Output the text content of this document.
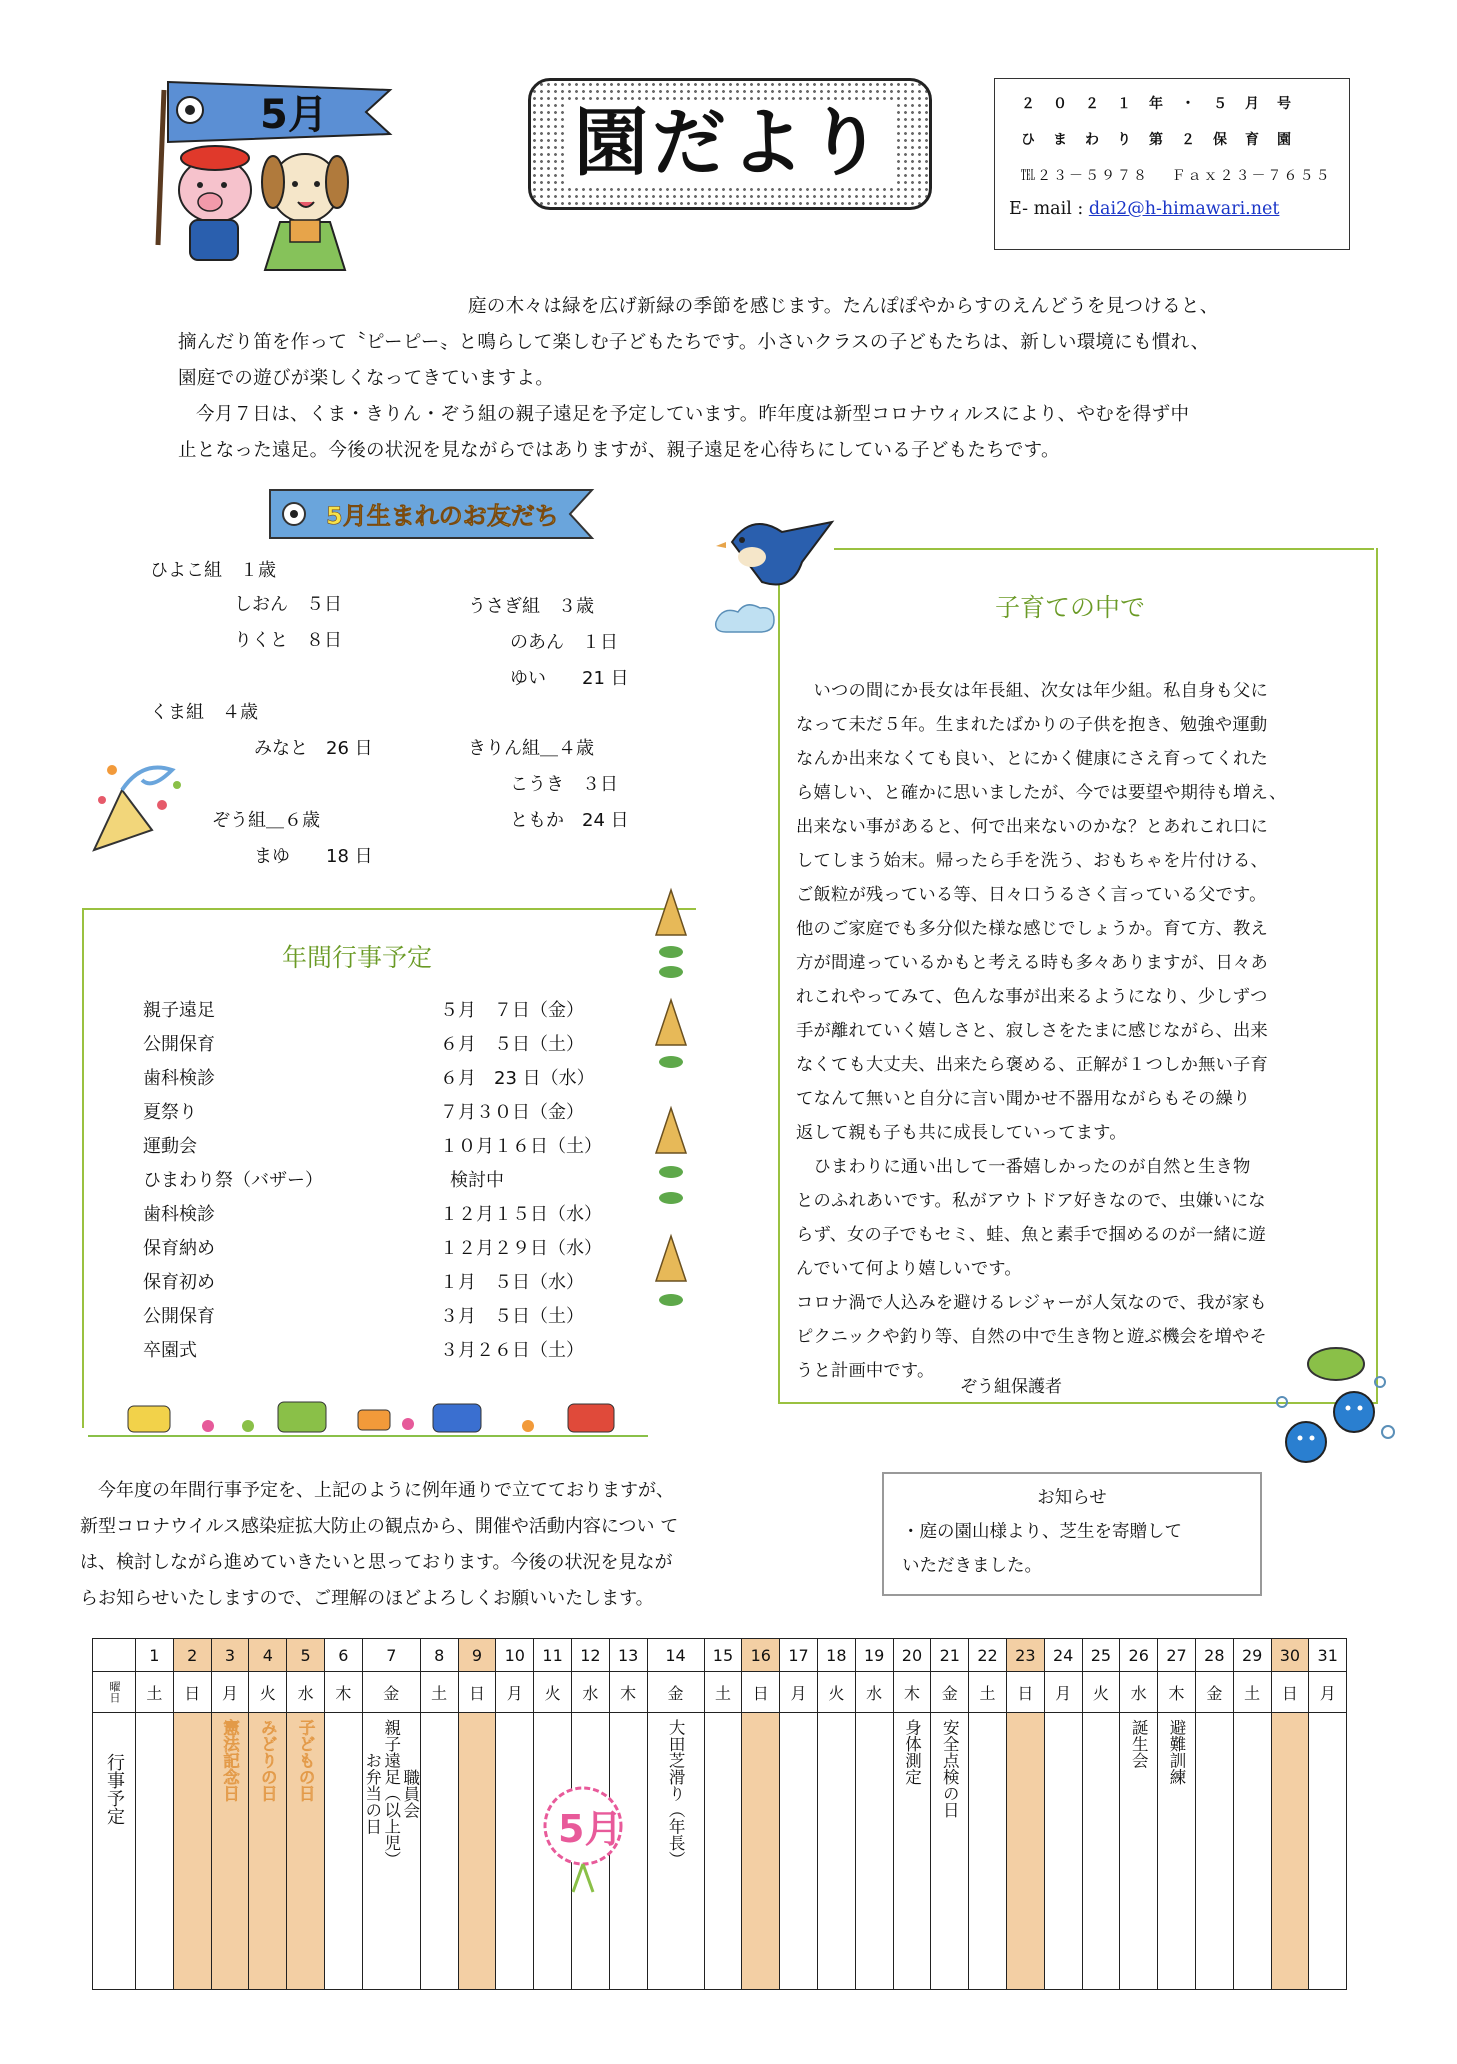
5月	園だより	２　０　２　１　年　・　５　月　号
ひ　ま　わ　り　第　２　保　育　園
℡２３－５９７８　 Ｆａｘ２３－７６５５
E- mail : dai2@h-himawari.net
庭の木々は緑を広げ新緑の季節を感じます。たんぽぽやからすのえんどうを見つけると、
摘んだり笛を作って〝ピーピー〟と鳴らして楽しむ子どもたちです。小さいクラスの子どもたちは、新しい環境にも慣れ、
園庭での遊びが楽しくなってきていますよ。
今月７日は、くま・きりん・ぞう組の親子遠足を予定しています。昨年度は新型コロナウィルスにより、やむを得ず中
止となった遠足。今後の状況を見ながらではありますが、親子遠足を心待ちにしている子どもたちです。
5月生まれのお友だち
ひよこ組　１歳
しおん　５日
りくと　８日
うさぎ組　３歳
のあん　１日
ゆい　　21 日
くま組　４歳
みなと　26 日	きりん組＿４歳
こうき　３日
ともか　24 日
ぞう組＿６歳
まゆ　　18 日
年間行事予定
親子遠足	５月　７日（金）
公開保育	６月　５日（土）
歯科検診	６月　23 日（水）
夏祭り	７月３０日（金）
運動会	１０月１６日（土）
ひまわり祭（バザー）	　検討中
歯科検診	１２月１５日（水）
保育納め	１２月２９日（水）
保育初め	１月　５日（水）
公開保育	３月　５日（土）
卒園式	３月２６日（土）
子育ての中で
　いつの間にか長女は年長組、次女は年少組。私自身も父に
なって未だ５年。生まれたばかりの子供を抱き、勉強や運動
なんか出来なくても良い、とにかく健康にさえ育ってくれた
ら嬉しい、と確かに思いましたが、今では要望や期待も増え、
出来ない事があると、何で出来ないのかな？とあれこれ口に
してしまう始末。帰ったら手を洗う、おもちゃを片付ける、
ご飯粒が残っている等、日々口うるさく言っている父です。
他のご家庭でも多分似た様な感じでしょうか。育て方、教え
方が間違っているかもと考える時も多々ありますが、日々あ
れこれやってみて、色んな事が出来るようになり、少しずつ
手が離れていく嬉しさと、寂しさをたまに感じながら、出来
なくても大丈夫、出来たら褒める、正解が１つしか無い子育
てなんて無いと自分に言い聞かせ不器用ながらもその繰り
返して親も子も共に成長していってます。
　ひまわりに通い出して一番嬉しかったのが自然と生き物
とのふれあいです。私がアウトドア好きなので、虫嫌いにな
らず、女の子でもセミ、蛙、魚と素手で掴めるのが一緒に遊
んでいて何より嬉しいです。
コロナ渦で人込みを避けるレジャーが人気なので、我が家も
ピクニックや釣り等、自然の中で生き物と遊ぶ機会を増やそ
うと計画中です。
ぞう組保護者
　今年度の年間行事予定を、上記のように例年通りで立てておりますが、
新型コロナウイルス感染症拡大防止の観点から、開催や活動内容につい て
は、検討しながら進めていきたいと思っております。今後の状況を見なが
らお知らせいたしますので、ご理解のほどよろしくお願いいたします。
お知らせ
・庭の園山様より、芝生を寄贈して
いただきました。
	1	2	3	4	5	6	7	8	9	10	11	12	13	14	15	16	17	18	19	20	21	22	23	24	25	26	27	28	29	30	31

曜日	土	日	月	火	水	木	金	土	日	月	火	水	木	金	土	日	月	火	水	木	金	土	日	月	火	水	木	金	土	日	月

行事予定			憲法記念日	みどりの日	子どもの日		職員会
親子遠足（以上児）
お弁当の日							大田芝滑り（年長）						身体測定	安全点検の日					誕生会	避難訓練				

5月
